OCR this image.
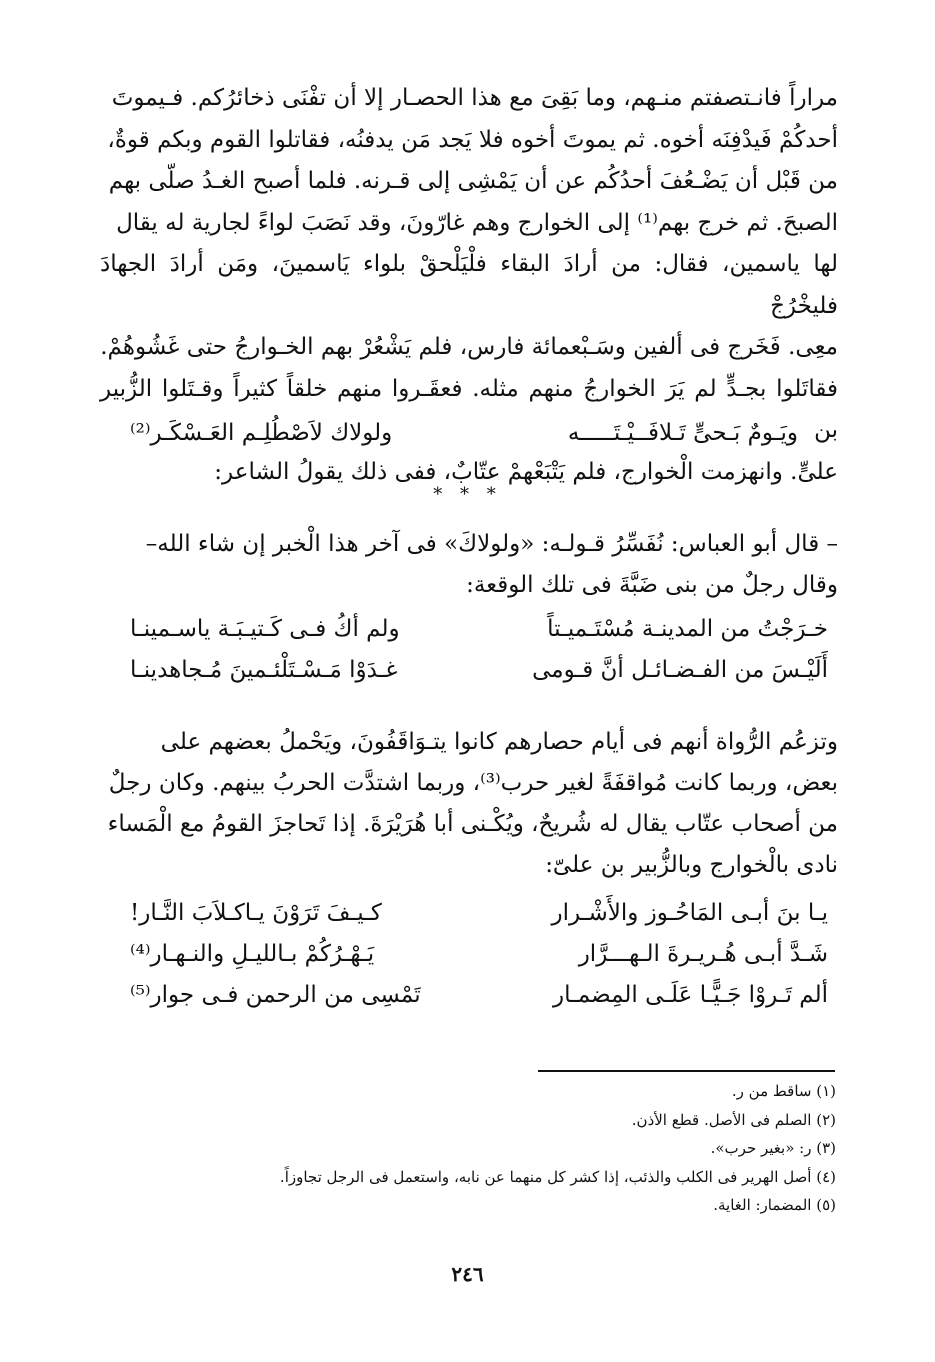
مراراً فانـتصفتم منـهم، وما بَقِىَ مع هذا الحصـار إلا أن تفْنَى ذخائرُكم. فـيموتَ

أحدكُمْ فَيدْفِنَه أخوه. ثم يموتَ أخوه فلا يَجد مَن يدفنُه، فقاتلوا القوم وبكم قوةٌ،

من قَبْل أن يَضْـعُفَ أحدُكُم عن أن يَمْشِى إلى قـرنه. فلما أصبح الغـدُ صلّى بهم

الصبحَ. ثم خرج بهم⁽¹⁾ إلى الخوارج وهم غارّونَ، وقد نَصَبَ لواءً لجارية له يقال

لها ياسمين، فقال: من أرادَ البقاء فلْيَلْحقْ بلواء يَاسمينَ، ومَن أرادَ الجهادَ فليخْرُجْ

معِى. فَخَرج فى ألفين وسَـبْعمائة فارس، فلم يَشْعُرْ بهم الخـوارجُ حتى غَشُوهُمْ.

فقاتَلوا بجـدٍّ لم يَرَ الخوارجُ منهم مثله. فعقَـروا منهم خلقاً كثيراً وقـتَلوا الزُّبير بن

علىٍّ. وانهزمت الْخوارج، فلم يَتْبَعْهمْ عتّابٌ، ففى ذلك يقولُ الشاعر:

ويَـومٌ بَـحىٍّ تَـلافَــيْـتَـــــه
ولولاك لاَصْطُلِـم العَـسْكَـر⁽²⁾
* * *

– قال أبو العباس: نُفَسِّرُ قـولـه: «ولولاكَ» فى آخر هذا الْخبر إن شاء الله–

وقال رجلٌ من بنى ضَبَّةَ فى تلك الوقعة:

خـرَجْتُ من المدينـة مُسْتَـميـتاً
ولم أكُ فـى كَـتيـبَـة ياسـمينـا
أَلَيْـسَ من الفـضـائـل أنَّ قـومى
غـدَوْا مَـسْـتَلْئـمينَ مُـجاهدينـا

وتزعُم الرُّواة أنهم فى أيام حصارهم كانوا يتـوَاقَفُونَ، ويَحْملُ بعضهم على

بعض، وربما كانت مُواقفَةً لغير حرب⁽³⁾، وربما اشتدَّت الحربُ بينهم. وكان رجلٌ

من أصحاب عتّاب يقال له شُريحٌ، ويُكْـنى أبا هُرَيْرَةَ. إذا تَحاجزَ القومُ مع الْمَساء

نادى بالْخوارج وبالزُّبير بن علىّ:

يـا بنَ أبـى المَاحُـوز والأَشْـرار
كـيـفَ تَرَوْنَ يـاكـلاَبَ النَّـار!
شَـدَّ أبـى هُـريـرةَ الـهـــرَّار
يَـهْـرُكُمْ بـالليـلِ والنـهـار⁽⁴⁾
ألم تَـروْا جَـيًّـا عَلَـى المِضمـار
تَمْسِى من الرحمن فـى جوار⁽⁵⁾
(١) ساقط من ر.
(٢) الصلم فى الأصل. قطع الأذن.
(٣) ر: «بغير حرب».
(٤) أصل الهرير فى الكلب والذئب، إذا كشر كل منهما عن نابه، واستعمل فى الرجل تجاوزاً.
(٥) المضمار: الغاية.
٢٤٦
